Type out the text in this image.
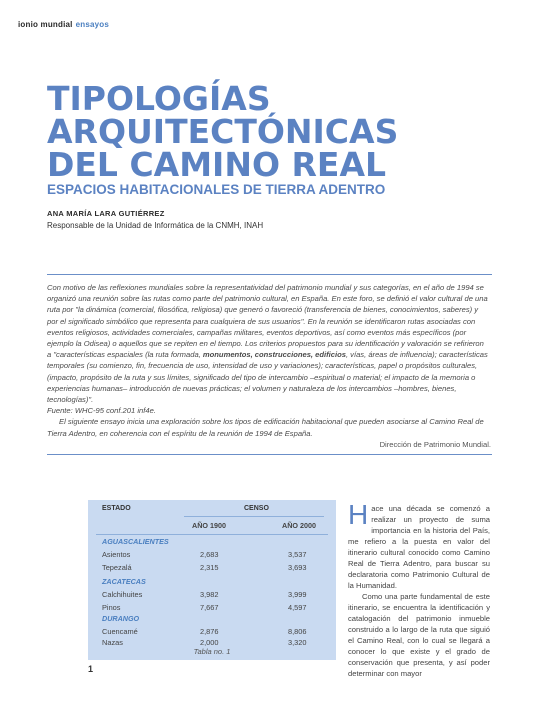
ionio mundial ensayos
TIPOLOGÍAS
ARQUITECTÓNICAS
DEL CAMINO REAL
ESPACIOS HABITACIONALES DE TIERRA ADENTRO
ANA MARÍA LARA GUTIÉRREZ
Responsable de la Unidad de Informática de la CNMH, INAH

Con motivo de las reflexiones mundiales sobre la representatividad del patrimonio mundial y sus categorías, en el año de 1994 se organizó una reunión sobre las rutas como parte del patrimonio cultural, en España. En este foro, se definió el valor cultural de una ruta por "la dinámica (comercial, filosófica, religiosa) que generó o favoreció (transferencia de bienes, conocimientos, saberes) y por el significado simbólico que representa para cualquiera de sus usuarios". En la reunión se identificaron rutas asociadas con eventos religiosos, actividades comerciales, campañas militares, eventos deportivos, así como eventos más específicos (por ejemplo la Odisea) o aquellos que se repiten en el tiempo. Los criterios propuestos para su identificación y valoración se refirieron a "características espaciales (la ruta formada, monumentos, construcciones, edificios, vías, áreas de influencia); características temporales (su comienzo, fin, frecuencia de uso, intensidad de uso y variaciones); características, papel o propósitos culturales, (impacto, propósito de la ruta y sus límites, significado del tipo de intercambio –espiritual o material; el impacto de la memoria o experiencias humanas– introducción de nuevas prácticas; el volumen y naturaleza de los intercambios –hombres, bienes, tecnologías)".

Fuente: WHC-95 conf.201 inf4e.

El siguiente ensayo inicia una exploración sobre los tipos de edificación habitacional que pueden asociarse al Camino Real de Tierra Adentro, en coherencia con el espíritu de la reunión de 1994 de España.

Dirección de Patrimonio Mundial.
ESTADO	CENSO
AÑO 1900	AÑO 2000
AGUASCALIENTES
Asientos	2,683	3,537
Tepezalá	2,315	3,693
ZACATECAS
Calchihuites	3,982	3,999
Pinos	7,667	4,597
DURANGO
Cuencamé	2,876	8,806
Nazas	2,000	3,320
Tabla no. 1
1

Hace una década se comenzó a realizar un proyecto de suma importancia en la historia del País, me refiero a la puesta en valor del itinerario cultural conocido como Camino Real de Tierra Adentro, para buscar su declaratoria como Patrimonio Cultural de la Humanidad.

Como una parte fundamental de este itinerario, se encuentra la identificación y catalogación del patrimonio inmueble construido a lo largo de la ruta que siguió el Camino Real, con lo cual se llegará a conocer lo que existe y el grado de conservación que presenta, y así poder determinar con mayor
